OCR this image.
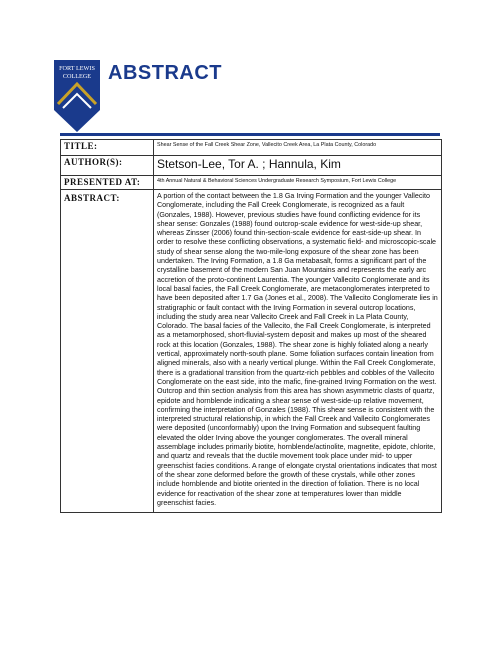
FORT LEWIS
COLLEGE ABSTRACT
TITLE:	Shear Sense of the Fall Creek Shear Zone, Vallecito Creek Area, La Plata County, Colorado
AUTHOR(S):	Stetson-Lee, Tor A. ; Hannula, Kim
PRESENTED AT:	4th Annual Natural & Behavioral Sciences Undergraduate Research Symposium, Fort Lewis College
ABSTRACT:	A portion of the contact between the 1.8 Ga Irving Formation and the younger Vallecito Conglomerate, including the Fall Creek Conglomerate, is recognized as a fault (Gonzales, 1988). However, previous studies have found conflicting evidence for its shear sense: Gonzales (1988) found outcrop-scale evidence for west-side-up shear, whereas Zinsser (2006) found thin-section-scale evidence for east-side-up shear. In order to resolve these conflicting observations, a systematic field- and microscopic-scale study of shear sense along the two-mile-long exposure of the shear zone has been undertaken. The Irving Formation, a 1.8 Ga metabasalt, forms a significant part of the crystalline basement of the modern San Juan Mountains and represents the early arc accretion of the proto-continent Laurentia. The younger Vallecito Conglomerate and its local basal facies, the Fall Creek Conglomerate, are metaconglomerates interpreted to have been deposited after 1.7 Ga (Jones et al., 2008). The Vallecito Conglomerate lies in stratigraphic or fault contact with the Irving Formation in several outcrop locations, including the study area near Vallecito Creek and Fall Creek in La Plata County, Colorado. The basal facies of the Vallecito, the Fall Creek Conglomerate, is interpreted as a metamorphosed, short-fluvial-system deposit and makes up most of the sheared rock at this location (Gonzales, 1988). The shear zone is highly foliated along a nearly vertical, approximately north-south plane. Some foliation surfaces contain lineation from aligned minerals, also with a nearly vertical plunge. Within the Fall Creek Conglomerate, there is a gradational transition from the quartz-rich pebbles and cobbles of the Vallecito Conglomerate on the east side, into the mafic, fine-grained Irving Formation on the west. Outcrop and thin section analysis from this area has shown asymmetric clasts of quartz, epidote and hornblende indicating a shear sense of west-side-up relative movement, confirming the interpretation of Gonzales (1988). This shear sense is consistent with the interpreted structural relationship, in which the Fall Creek and Vallecito Conglomerates were deposited (unconformably) upon the Irving Formation and subsequent faulting elevated the older Irving above the younger conglomerates. The overall mineral assemblage includes primarily biotite, hornblende/actinolite, magnetite, epidote, chlorite, and quartz and reveals that the ductile movement took place under mid- to upper greenschist facies conditions. A range of elongate crystal orientations indicates that most of the shear zone deformed before the growth of these crystals, while other zones include hornblende and biotite oriented in the direction of foliation. There is no local evidence for reactivation of the shear zone at temperatures lower than middle greenschist facies.
